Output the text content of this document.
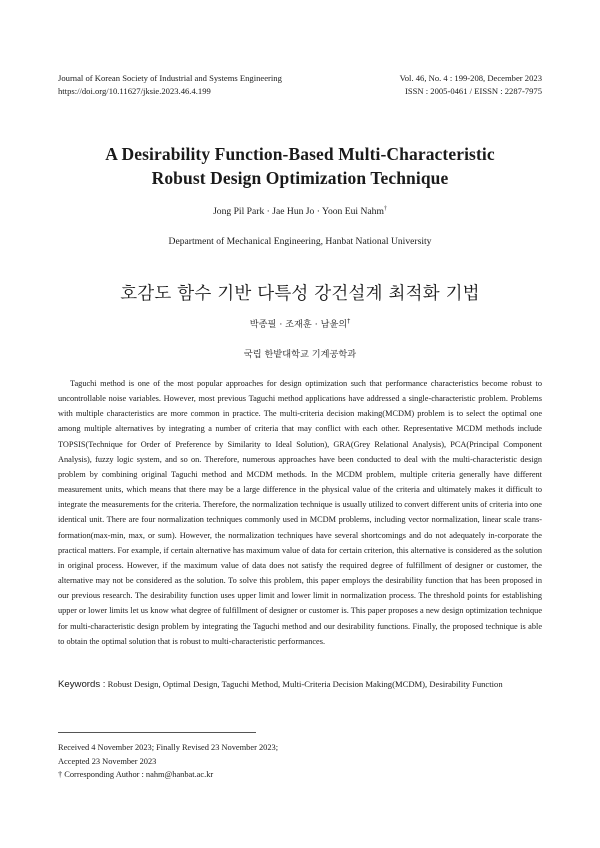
Journal of Korean Society of Industrial and Systems Engineering
https://doi.org/10.11627/jksie.2023.46.4.199
Vol. 46, No. 4 : 199-208, December 2023
ISSN : 2005-0461 / EISSN : 2287-7975
A Desirability Function-Based Multi-Characteristic
Robust Design Optimization Technique
Jong Pil Park · Jae Hun Jo · Yoon Eui Nahm†
Department of Mechanical Engineering, Hanbat National University
호감도 함수 기반 다특성 강건설계 최적화 기법
박종필 · 조재훈 · 남윤의†
국립 한밭대학교 기계공학과

Taguchi method is one of the most popular approaches for design optimization such that performance characteristics become robust to uncontrollable noise variables. However, most previous Taguchi method applications have addressed a single-characteristic problem. Problems with multiple characteristics are more common in practice. The multi-criteria decision making(MCDM) problem is to select the optimal one among multiple alternatives by integrating a number of criteria that may conflict with each other. Representative MCDM methods include TOPSIS(Technique for Order of Preference by Similarity to Ideal Solution), GRA(Grey Relational Analysis), PCA(Principal Component Analysis), fuzzy logic system, and so on. Therefore, numerous approaches have been conducted to deal with the multi-characteristic design problem by combining original Taguchi method and MCDM methods. In the MCDM problem, multiple criteria generally have different measurement units, which means that there may be a large difference in the physical value of the criteria and ultimately makes it difficult to integrate the measurements for the criteria. Therefore, the normalization technique is usually utilized to convert different units of criteria into one identical unit. There are four normalization techniques commonly used in MCDM problems, including vector normalization, linear scale trans-formation(max-min, max, or sum). However, the normalization techniques have several shortcomings and do not adequately in-corporate the practical matters. For example, if certain alternative has maximum value of data for certain criterion, this alternative is considered as the solution in original process. However, if the maximum value of data does not satisfy the required degree of fulfillment of designer or customer, the alternative may not be considered as the solution. To solve this problem, this paper employs the desirability function that has been proposed in our previous research. The desirability function uses upper limit and lower limit in normalization process. The threshold points for establishing upper or lower limits let us know what degree of fulfillment of designer or customer is. This paper proposes a new design optimization technique for multi-characteristic design problem by integrating the Taguchi method and our desirability functions. Finally, the proposed technique is able to obtain the optimal solution that is robust to multi-characteristic performances.

Keywords : Robust Design, Optimal Design, Taguchi Method, Multi-Criteria Decision Making(MCDM), Desirability Function
Received 4 November 2023; Finally Revised 23 November 2023;
Accepted 23 November 2023
† Corresponding Author : nahm@hanbat.ac.kr
